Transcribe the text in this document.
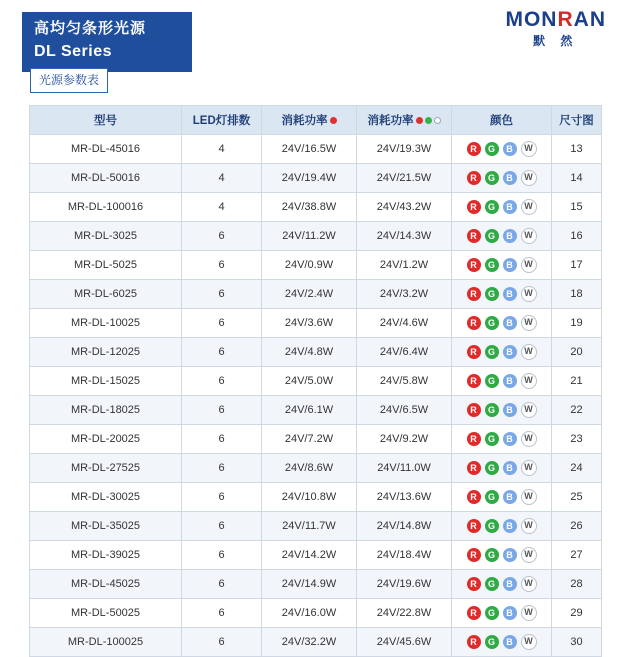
高均匀条形光源
DL Series
MONRAN
默 然
光源参数表
型号	LED灯排数	消耗功率	消耗功率	颜色	尺寸图
MR-DL-45016	4	24V/16.5W	24V/19.3W	R G B W	13
MR-DL-50016	4	24V/19.4W	24V/21.5W	R G B W	14
MR-DL-100016	4	24V/38.8W	24V/43.2W	R G B W	15
MR-DL-3025	6	24V/11.2W	24V/14.3W	R G B W	16
MR-DL-5025	6	24V/0.9W	24V/1.2W	R G B W	17
MR-DL-6025	6	24V/2.4W	24V/3.2W	R G B W	18
MR-DL-10025	6	24V/3.6W	24V/4.6W	R G B W	19
MR-DL-12025	6	24V/4.8W	24V/6.4W	R G B W	20
MR-DL-15025	6	24V/5.0W	24V/5.8W	R G B W	21
MR-DL-18025	6	24V/6.1W	24V/6.5W	R G B W	22
MR-DL-20025	6	24V/7.2W	24V/9.2W	R G B W	23
MR-DL-27525	6	24V/8.6W	24V/11.0W	R G B W	24
MR-DL-30025	6	24V/10.8W	24V/13.6W	R G B W	25
MR-DL-35025	6	24V/11.7W	24V/14.8W	R G B W	26
MR-DL-39025	6	24V/14.2W	24V/18.4W	R G B W	27
MR-DL-45025	6	24V/14.9W	24V/19.6W	R G B W	28
MR-DL-50025	6	24V/16.0W	24V/22.8W	R G B W	29
MR-DL-100025	6	24V/32.2W	24V/45.6W	R G B W	30
